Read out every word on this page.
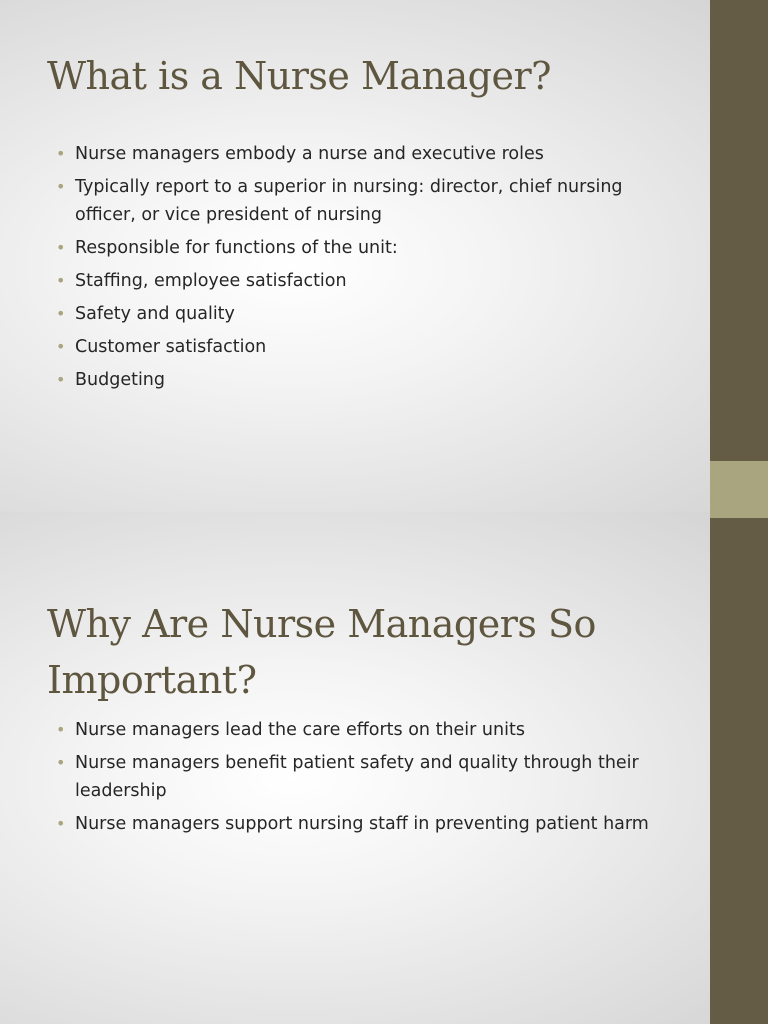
What is a Nurse Manager?
• Nurse managers embody a nurse and executive roles
• Typically report to a superior in nursing: director, chief nursing officer, or vice president of nursing
• Responsible for functions of the unit:
• Staffing, employee satisfaction
• Safety and quality
• Customer satisfaction
• Budgeting
Why Are Nurse Managers So Important?
• Nurse managers lead the care efforts on their units
• Nurse managers benefit patient safety and quality through their leadership
• Nurse managers support nursing staff in preventing patient harm
